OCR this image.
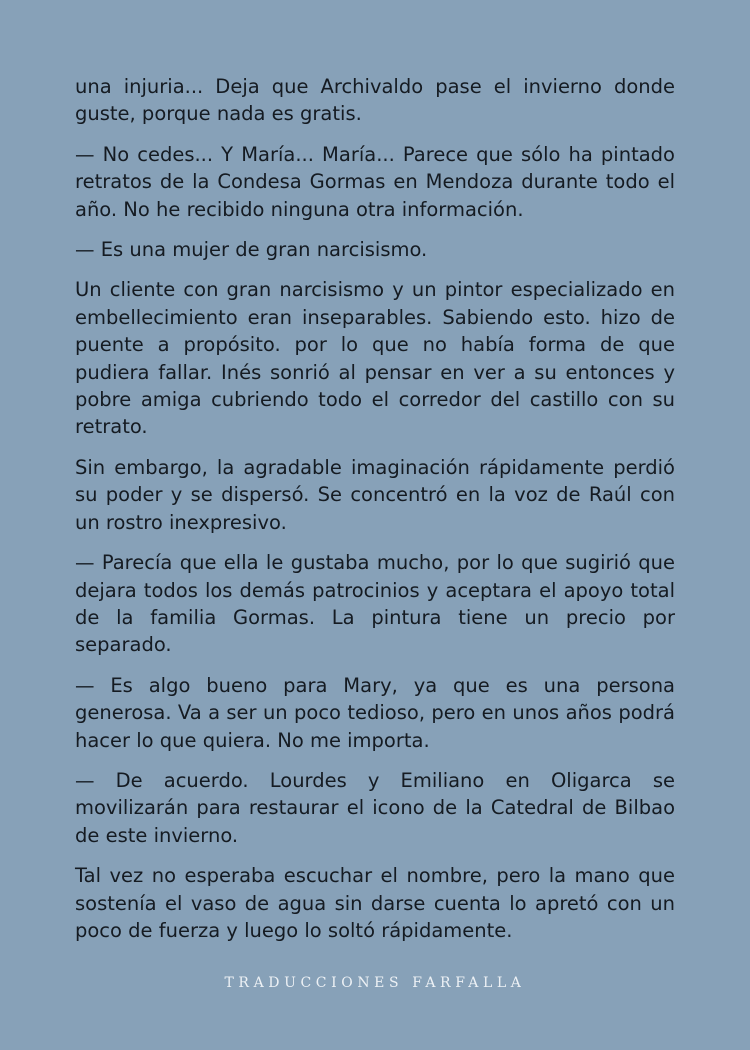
una injuria... Deja que Archivaldo pase el invierno donde guste, porque nada es gratis.

— No cedes... Y María... María... Parece que sólo ha pintado retratos de la Condesa Gormas en Mendoza durante todo el año. No he recibido ninguna otra información.

— Es una mujer de gran narcisismo.

Un cliente con gran narcisismo y un pintor especializado en embellecimiento eran inseparables. Sabiendo esto. hizo de puente a propósito. por lo que no había forma de que pudiera fallar. Inés sonrió al pensar en ver a su entonces y pobre amiga cubriendo todo el corredor del castillo con su retrato.

Sin embargo, la agradable imaginación rápidamente perdió su poder y se dispersó. Se concentró en la voz de Raúl con un rostro inexpresivo.

— Parecía que ella le gustaba mucho, por lo que sugirió que dejara todos los demás patrocinios y aceptara el apoyo total de la familia Gormas. La pintura tiene un precio por separado.

— Es algo bueno para Mary, ya que es una persona generosa. Va a ser un poco tedioso, pero en unos años podrá hacer lo que quiera. No me importa.

— De acuerdo. Lourdes y Emiliano en Oligarca se movilizarán para restaurar el icono de la Catedral de Bilbao de este invierno.

Tal vez no esperaba escuchar el nombre, pero la mano que sostenía el vaso de agua sin darse cuenta lo apretó con un poco de fuerza y luego lo soltó rápidamente.

TRADUCCIONES FARFALLA
